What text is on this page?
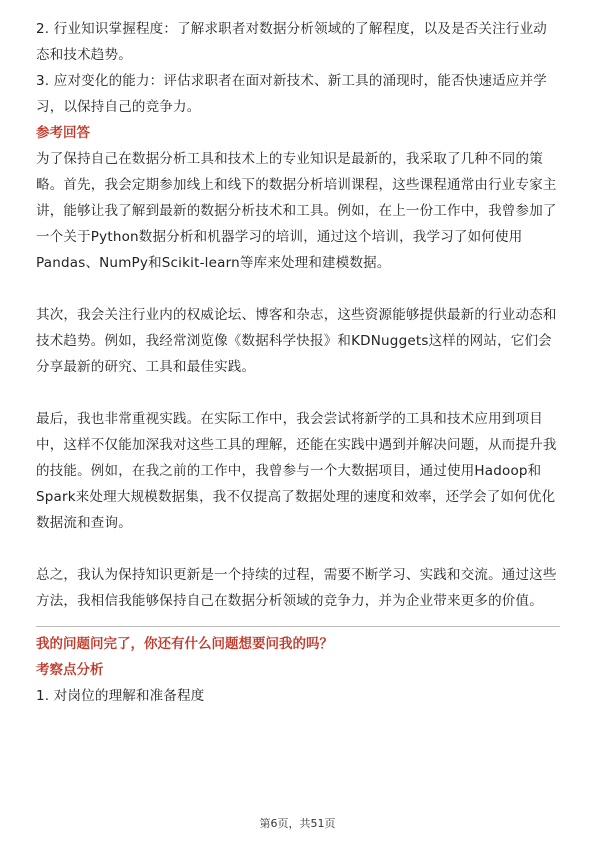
2. 行业知识掌握程度：了解求职者对数据分析领域的了解程度，以及是否关注行业动态和技术趋势。

3. 应对变化的能力：评估求职者在面对新技术、新工具的涌现时，能否快速适应并学习，以保持自己的竞争力。

参考回答

为了保持自己在数据分析工具和技术上的专业知识是最新的，我采取了几种不同的策略。首先，我会定期参加线上和线下的数据分析培训课程，这些课程通常由行业专家主讲，能够让我了解到最新的数据分析技术和工具。例如，在上一份工作中，我曾参加了一个关于Python数据分析和机器学习的培训，通过这个培训，我学习了如何使用Pandas、NumPy和Scikit-learn等库来处理和建模数据。

其次，我会关注行业内的权威论坛、博客和杂志，这些资源能够提供最新的行业动态和技术趋势。例如，我经常浏览像《数据科学快报》和KDNuggets这样的网站，它们会分享最新的研究、工具和最佳实践。

最后，我也非常重视实践。在实际工作中，我会尝试将新学的工具和技术应用到项目中，这样不仅能加深我对这些工具的理解，还能在实践中遇到并解决问题，从而提升我的技能。例如，在我之前的工作中，我曾参与一个大数据项目，通过使用Hadoop和Spark来处理大规模数据集，我不仅提高了数据处理的速度和效率，还学会了如何优化数据流和查询。

总之，我认为保持知识更新是一个持续的过程，需要不断学习、实践和交流。通过这些方法，我相信我能够保持自己在数据分析领域的竞争力，并为企业带来更多的价值。

我的问题问完了，你还有什么问题想要问我的吗？

考察点分析

1. 对岗位的理解和准备程度

第6页，共51页
